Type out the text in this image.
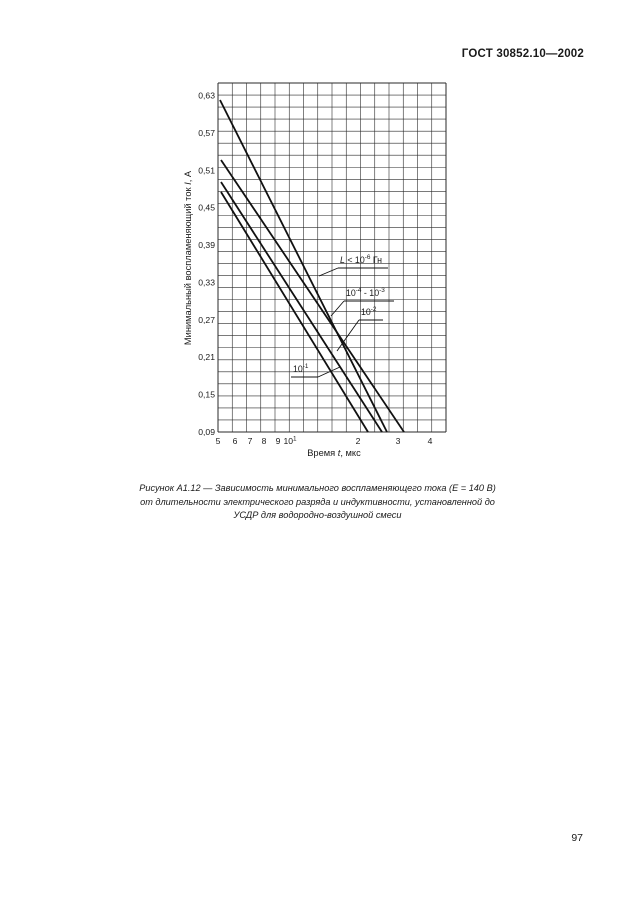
ГОСТ 30852.10—2002
0,09
0,15
0,21
0,27
0,33
0,39
0,45
0,51
0,57
0,63
5 6 7 8 9 $10^1$	2	3	4
$L < 10^{-6}$ Гн
$10^{-4} - 10^{-3}$
$10^{-2}$
$10^{-1}$
Минимальный воспламеняющий ток I, А
Время t, мкс
Рисунок А1.12 — Зависимость минимального воспламеняющего тока (E = 140 В)
от длительности электрического разряда и индуктивности, установленной до
УСДР для водородно-воздушной смеси
97
